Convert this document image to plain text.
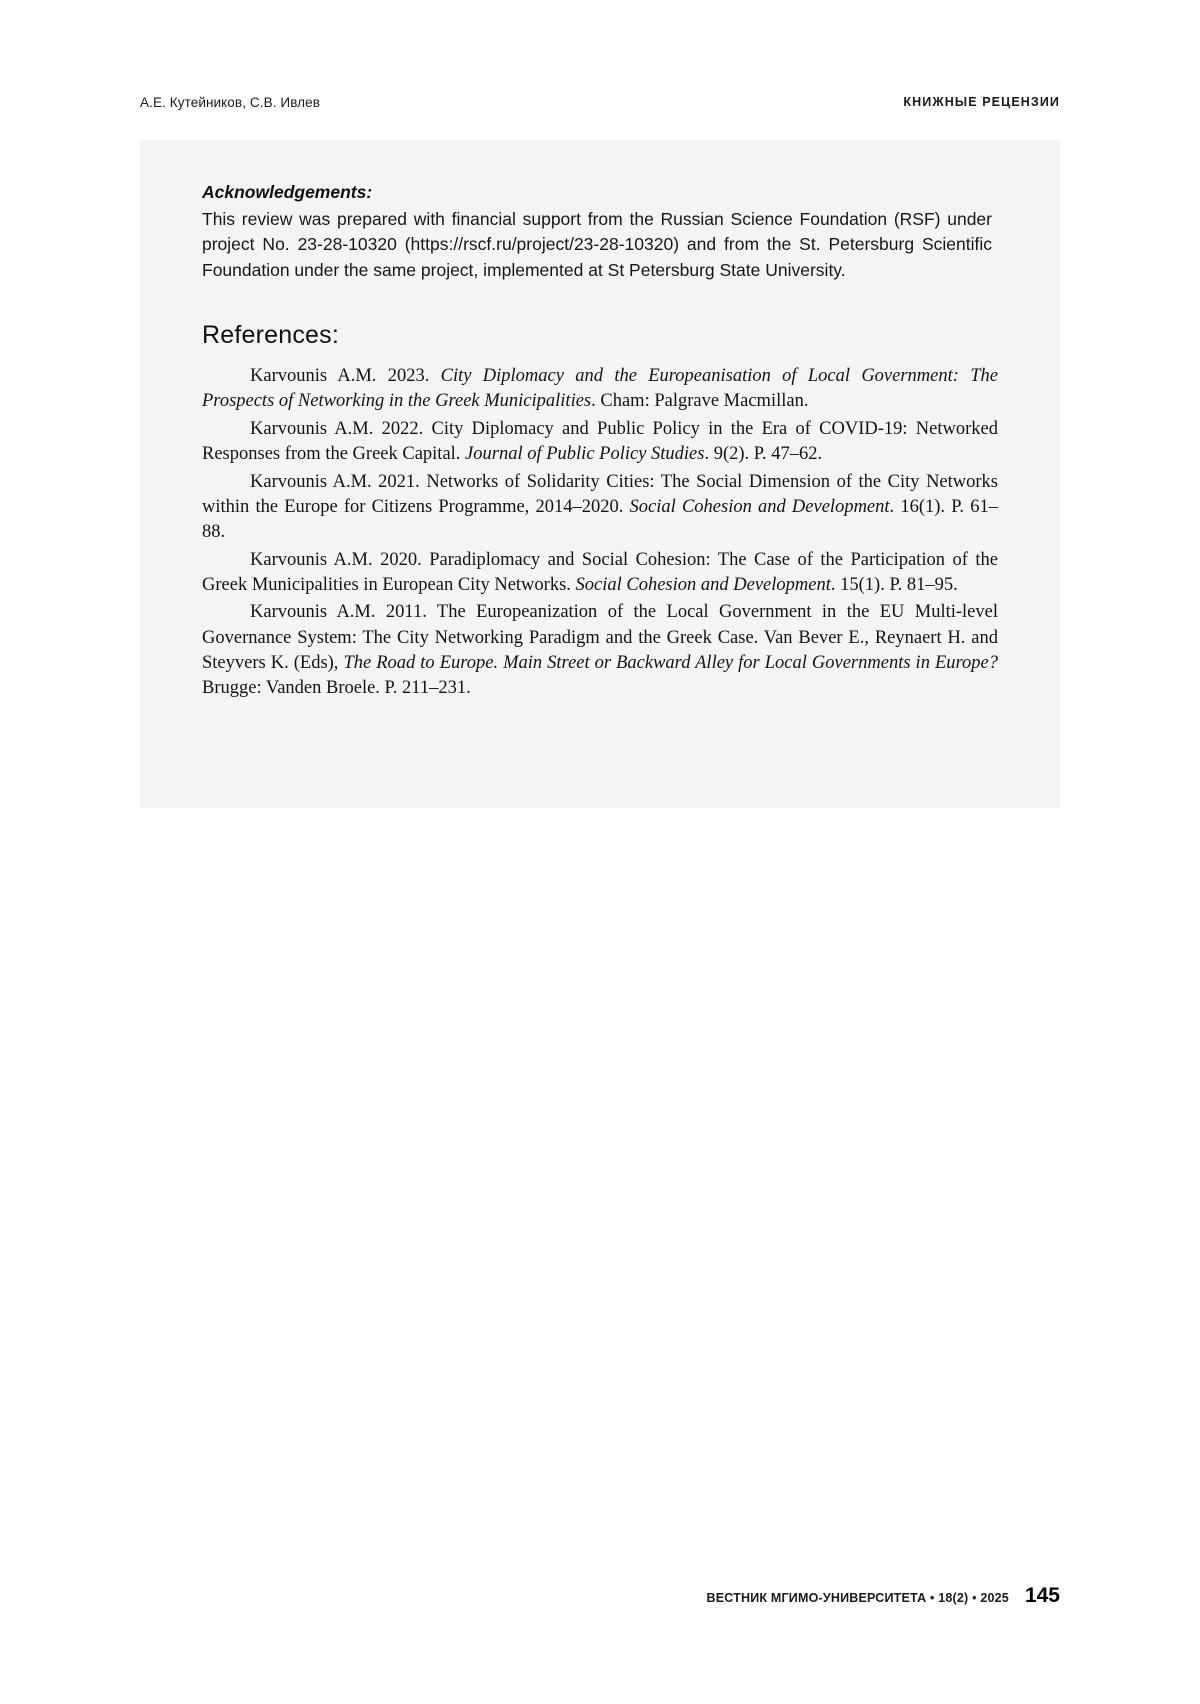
А.Е. Кутейников, С.В. Ивлев	КНИЖНЫЕ РЕЦЕНЗИИ

Acknowledgements:

This review was prepared with financial support from the Russian Science Foundation (RSF) under project No. 23-28-10320 (https://rscf.ru/project/23-28-10320) and from the St. Petersburg Scientific Foundation under the same project, implemented at St Petersburg State University.

References:

Karvounis A.M. 2023. City Diplomacy and the Europeanisation of Local Government: The Prospects of Networking in the Greek Municipalities. Cham: Palgrave Macmillan.

Karvounis A.M. 2022. City Diplomacy and Public Policy in the Era of COVID-19: Networked Responses from the Greek Capital. Journal of Public Policy Studies. 9(2). P. 47–62.

Karvounis A.M. 2021. Networks of Solidarity Cities: The Social Dimension of the City Networks within the Europe for Citizens Programme, 2014–2020. Social Cohesion and Development. 16(1). P. 61–88.

Karvounis A.M. 2020. Paradiplomacy and Social Cohesion: The Case of the Participation of the Greek Municipalities in European City Networks. Social Cohesion and Development. 15(1). P. 81–95.

Karvounis A.M. 2011. The Europeanization of the Local Government in the EU Multi-level Governance System: The City Networking Paradigm and the Greek Case. Van Bever E., Reynaert H. and Steyvers K. (Eds), The Road to Europe. Main Street or Backward Alley for Local Governments in Europe? Brugge: Vanden Broele. P. 211–231.

ВЕСТНИК МГИМО-УНИВЕРСИТЕТА • 18(2) • 2025 145
